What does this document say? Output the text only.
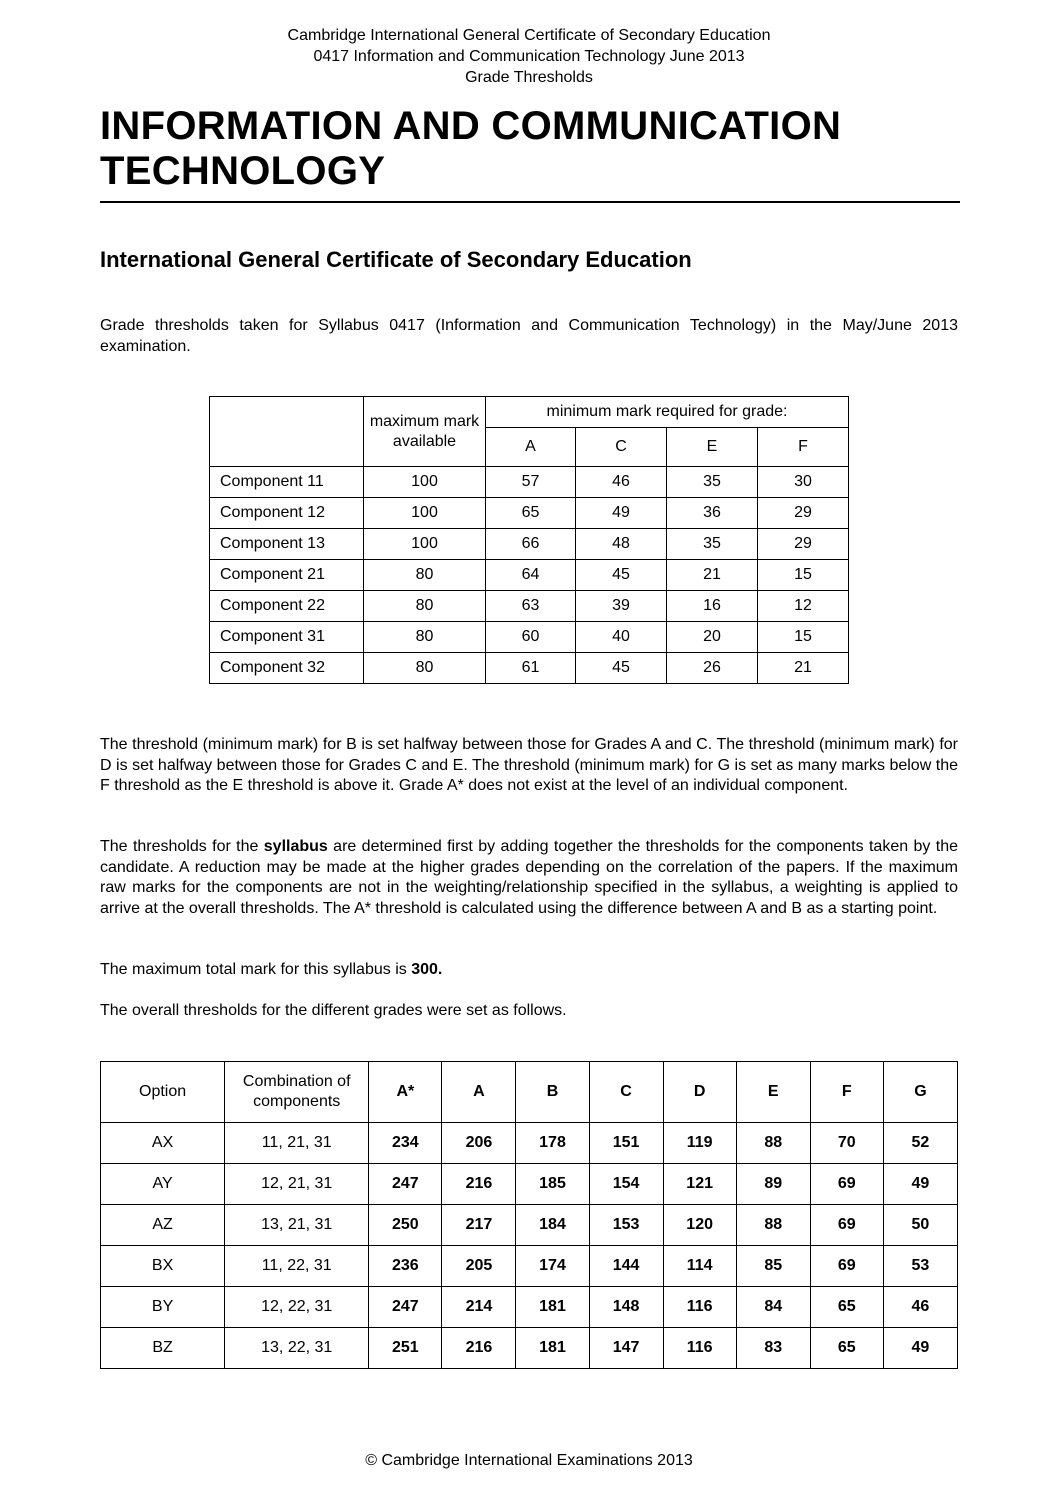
Cambridge International General Certificate of Secondary Education
0417 Information and Communication Technology June 2013
Grade Thresholds
INFORMATION AND COMMUNICATION
TECHNOLOGY
International General Certificate of Secondary Education
Grade thresholds taken for Syllabus 0417 (Information and Communication Technology) in the May/June 2013 examination.
	maximum mark available	minimum mark required for grade:			
		A	C	E	F
Component 11	100	57	46	35	30
Component 12	100	65	49	36	29
Component 13	100	66	48	35	29
Component 21	80	64	45	21	15
Component 22	80	63	39	16	12
Component 31	80	60	40	20	15
Component 32	80	61	45	26	21
The threshold (minimum mark) for B is set halfway between those for Grades A and C. The threshold (minimum mark) for D is set halfway between those for Grades C and E. The threshold (minimum mark) for G is set as many marks below the F threshold as the E threshold is above it. Grade A* does not exist at the level of an individual component.
The thresholds for the syllabus are determined first by adding together the thresholds for the components taken by the candidate. A reduction may be made at the higher grades depending on the correlation of the papers. If the maximum raw marks for the components are not in the weighting/relationship specified in the syllabus, a weighting is applied to arrive at the overall thresholds. The A* threshold is calculated using the difference between A and B as a starting point.
The maximum total mark for this syllabus is 300.
The overall thresholds for the different grades were set as follows.
Option	Combination of components	A*	A	B	C	D	E	F	G
AX	11, 21, 31	234	206	178	151	119	88	70	52
AY	12, 21, 31	247	216	185	154	121	89	69	49
AZ	13, 21, 31	250	217	184	153	120	88	69	50
BX	11, 22, 31	236	205	174	144	114	85	69	53
BY	12, 22, 31	247	214	181	148	116	84	65	46
BZ	13, 22, 31	251	216	181	147	116	83	65	49
© Cambridge International Examinations 2013
